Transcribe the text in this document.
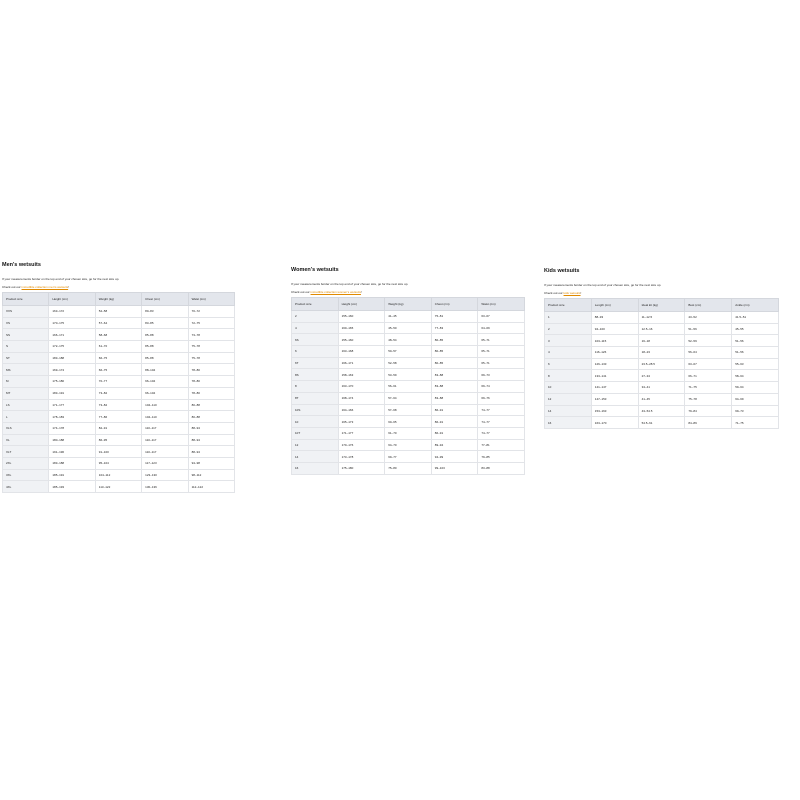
Men's wetsuits

If your measurements border on the top end of your chosen size, go for the next size up.

Check out our incredible collection men's wetsuits!

Product size	Height (cm)	Weight (kg)	Chest (cm)	Waist (cm)
XXS	163–172	52–58	80–83	70–72
XS	170–175	57–64	83–85	72–75
SS	166–171	58–68	85–88	73–78
S	172–175	61–70	85–88	75–78
ST	183–188	66–75	85–88	75–78
MS	169–174	66–75	88–104	78–80
M	175–180	70–77	96–104	78–80
MT	183–191	73–82	96–104	78–80
LS	171–177	73–82	104–110	80–88
L	178–183	77–86	104–110	80–88
XLS	174–178	82–91	110–117	88–94
XL	180–188	86–95	110–117	88–94
XLT	191–196	91–100	110–117	88–94
2XL	183–188	95–104	117–123	94–98
3XL	185–191	104–112	123–130	98–112
4XL	185–193	113–122	130–136	112–122
Women's wetsuits

If your measurements border on the top end of your chosen size, go for the next size up.

Check out our incredible collection women's wetsuits!

Product size	Height (cm)	Weight (kg)	Chest (cm)	Waist (cm)
2	155–160	41–45	75–81	63–67
4	160–165	45–50	77–83	64–69
6S	155–160	48–54	80–85	65–71
6	163–168	50–57	80–85	65–71
6T	166–171	52–58	80–85	65–71
8S	158–163	53–59	83–88	69–73
8	163–170	56–61	83–88	69–74
8T	168–174	57–64	83–88	69–76
10S	164–166	57–68	86–91	74–77
10	165–173	60–65	86–91	74–77
10T	171–177	61–70	86–91	74–77
12	170–176	64–70	89–94	77–81
14	173–178	69–77	94–99	79–85
16	175–180	75–80	99–103	83–88
Kids wetsuits

If your measurements border on the top end of your chosen size, go for the next size up.

Check out our kids wetsuits!

Product size	Length (cm)	Ideal kit (kg)	Bust (cm)	Ankle (cm)
1	88–93	11–12.5	43–52	41.5–51
2	94–100	12.5–16	51–56	45–55
3	103–115	16–18	52–59	51–56
4	116–126	18–23	56–64	51–56
6	126–133	23.5–28.5	63–67	55–63
8	133–141	27–34	66–71	58–64
10	141–147	34–41	71–75	59–64
12	147–153	41–45	75–78	64–69
14	153–163	43–54.5	79–84	69–73
16	163–170	54.5–61	84–89	71–75
